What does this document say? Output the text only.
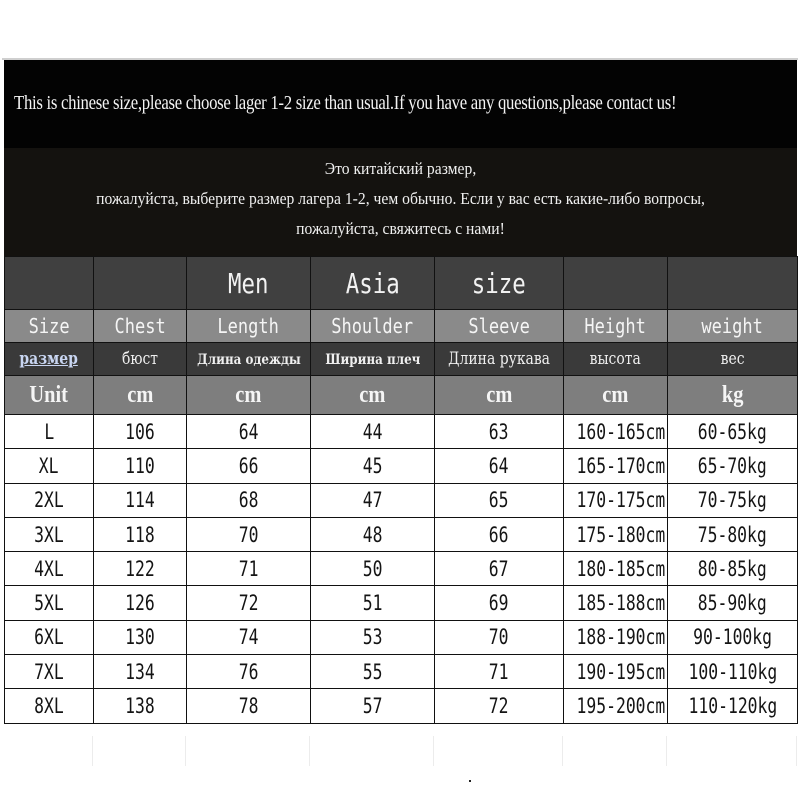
This is chinese size,please choose lager 1-2 size than usual.If you have any questions,please contact us!
Это китайский размер,
пожалуйста, выберите размер лагера 1-2, чем обычно. Если у вас есть какие-либо вопросы,
пожалуйста, свяжитесь с нами!
		Men	Asia	size		
Size	Chest	Length	Shoulder	Sleeve	Height	weight
размер	бюст	Длина одежды	Ширина плеч	Длина рукава	высота	вес
Unit	cm	cm	cm	cm	cm	kg
L	106	64	44	63	160-165cm	60-65kg
XL	110	66	45	64	165-170cm	65-70kg
2XL	114	68	47	65	170-175cm	70-75kg
3XL	118	70	48	66	175-180cm	75-80kg
4XL	122	71	50	67	180-185cm	80-85kg
5XL	126	72	51	69	185-188cm	85-90kg
6XL	130	74	53	70	188-190cm	90-100kg
7XL	134	76	55	71	190-195cm	100-110kg
8XL	138	78	57	72	195-200cm	110-120kg
